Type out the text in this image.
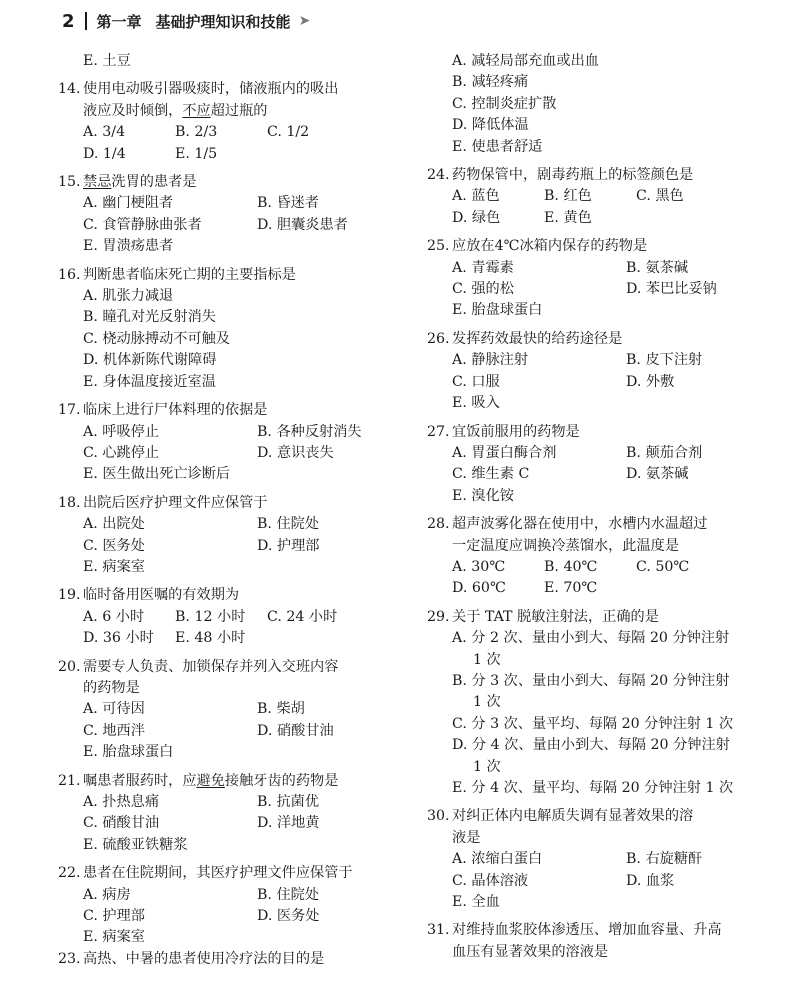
2 第一章 基础护理知识和技能 ➤
E. 土豆
14. 使用电动吸引器吸痰时，储液瓶内的吸出
液应及时倾倒，不应超过瓶的
A. 3/4	B. 2/3	C. 1/2
D. 1/4	E. 1/5
15. 禁忌洗胃的患者是
A. 幽门梗阻者	B. 昏迷者
C. 食管静脉曲张者	D. 胆囊炎患者
E. 胃溃疡患者
16. 判断患者临床死亡期的主要指标是
A. 肌张力减退
B. 瞳孔对光反射消失
C. 桡动脉搏动不可触及
D. 机体新陈代谢障碍
E. 身体温度接近室温
17. 临床上进行尸体料理的依据是
A. 呼吸停止	B. 各种反射消失
C. 心跳停止	D. 意识丧失
E. 医生做出死亡诊断后
18. 出院后医疗护理文件应保管于
A. 出院处	B. 住院处
C. 医务处	D. 护理部
E. 病案室
19. 临时备用医嘱的有效期为
A. 6 小时	B. 12 小时	C. 24 小时
D. 36 小时	E. 48 小时
20. 需要专人负责、加锁保存并列入交班内容
的药物是
A. 可待因	B. 柴胡
C. 地西泮	D. 硝酸甘油
E. 胎盘球蛋白
21. 嘱患者服药时，应避免接触牙齿的药物是
A. 扑热息痛	B. 抗菌优
C. 硝酸甘油	D. 洋地黄
E. 硫酸亚铁糖浆
22. 患者在住院期间，其医疗护理文件应保管于
A. 病房	B. 住院处
C. 护理部	D. 医务处
E. 病案室
23. 高热、中暑的患者使用冷疗法的目的是
A. 减轻局部充血或出血
B. 减轻疼痛
C. 控制炎症扩散
D. 降低体温
E. 使患者舒适
24. 药物保管中，剧毒药瓶上的标签颜色是
A. 蓝色	B. 红色	C. 黑色
D. 绿色	E. 黄色
25. 应放在4℃冰箱内保存的药物是
A. 青霉素	B. 氨茶碱
C. 强的松	D. 苯巴比妥钠
E. 胎盘球蛋白
26. 发挥药效最快的给药途径是
A. 静脉注射	B. 皮下注射
C. 口服	D. 外敷
E. 吸入
27. 宜饭前服用的药物是
A. 胃蛋白酶合剂	B. 颠茄合剂
C. 维生素 C	D. 氨茶碱
E. 溴化铵
28. 超声波雾化器在使用中，水槽内水温超过
一定温度应调换冷蒸馏水，此温度是
A. 30℃	B. 40℃	C. 50℃
D. 60℃	E. 70℃
29. 关于 TAT 脱敏注射法，正确的是
A. 分 2 次、量由小到大、每隔 20 分钟注射
1 次
B. 分 3 次、量由小到大、每隔 20 分钟注射
1 次
C. 分 3 次、量平均、每隔 20 分钟注射 1 次
D. 分 4 次、量由小到大、每隔 20 分钟注射
1 次
E. 分 4 次、量平均、每隔 20 分钟注射 1 次
30. 对纠正体内电解质失调有显著效果的溶
液是
A. 浓缩白蛋白	B. 右旋糖酐
C. 晶体溶液	D. 血浆
E. 全血
31. 对维持血浆胶体渗透压、增加血容量、升高
血压有显著效果的溶液是
